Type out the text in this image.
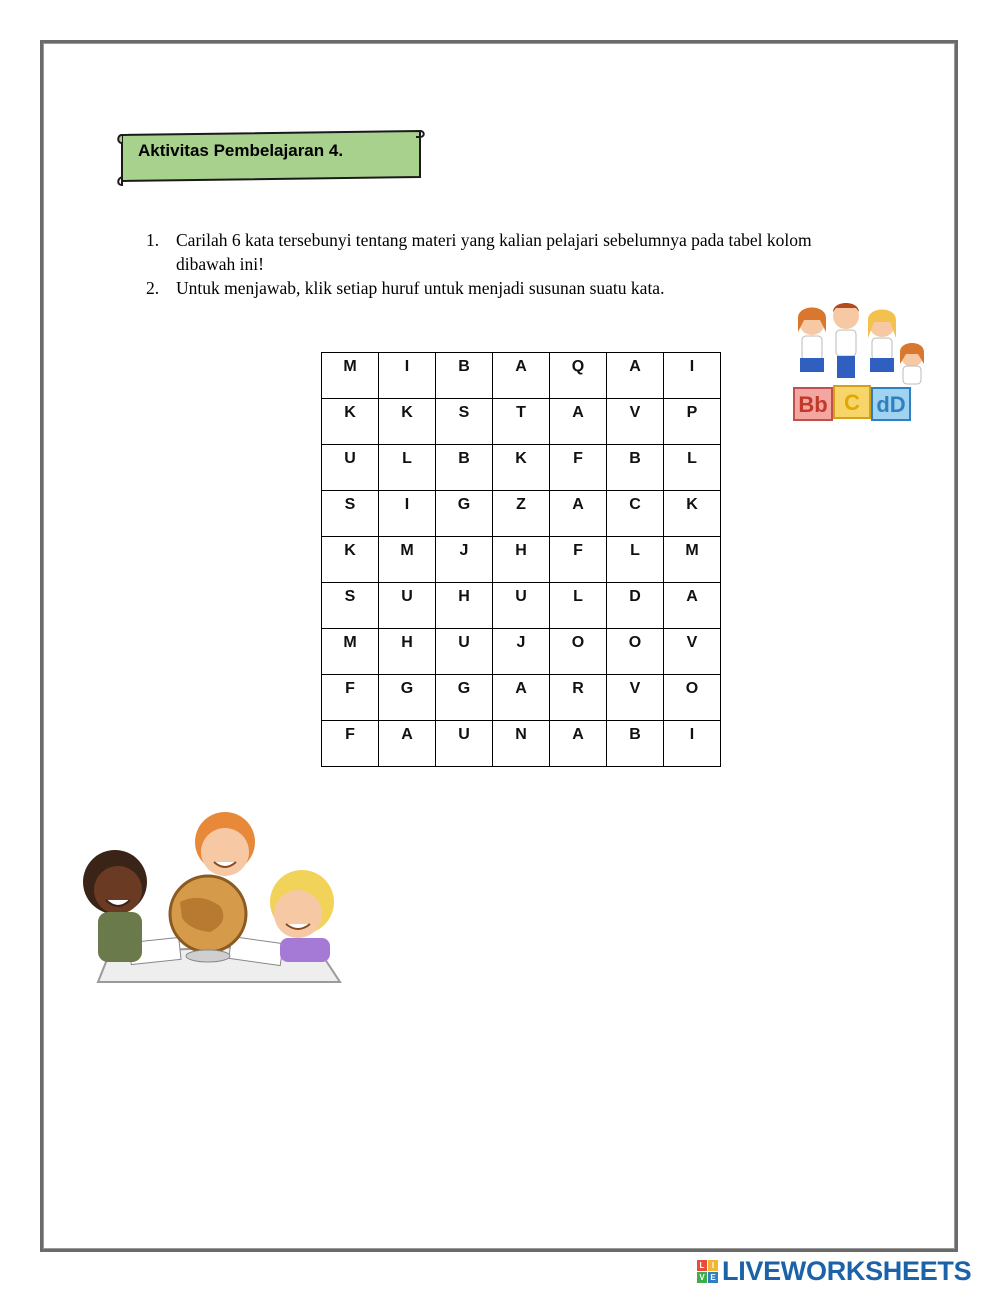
Aktivitas Pembelajaran 4.
1. Carilah 6 kata tersebunyi tentang materi yang kalian pelajari sebelumnya pada tabel kolom dibawah ini!
2. Untuk menjawab, klik setiap huruf untuk menjadi susunan suatu kata.
M	I	B	A	Q	A	I

K	K	S	T	A	V	P

U	L	B	K	F	B	L

S	I	G	Z	A	C	K

K	M	J	H	F	L	M

S	U	H	U	L	D	A

M	H	U	J	O	O	V

F	G	G	A	R	V	O

F	A	U	N	A	B	I
Bb C dD
L I
V E LIVEWORKSHEETS
